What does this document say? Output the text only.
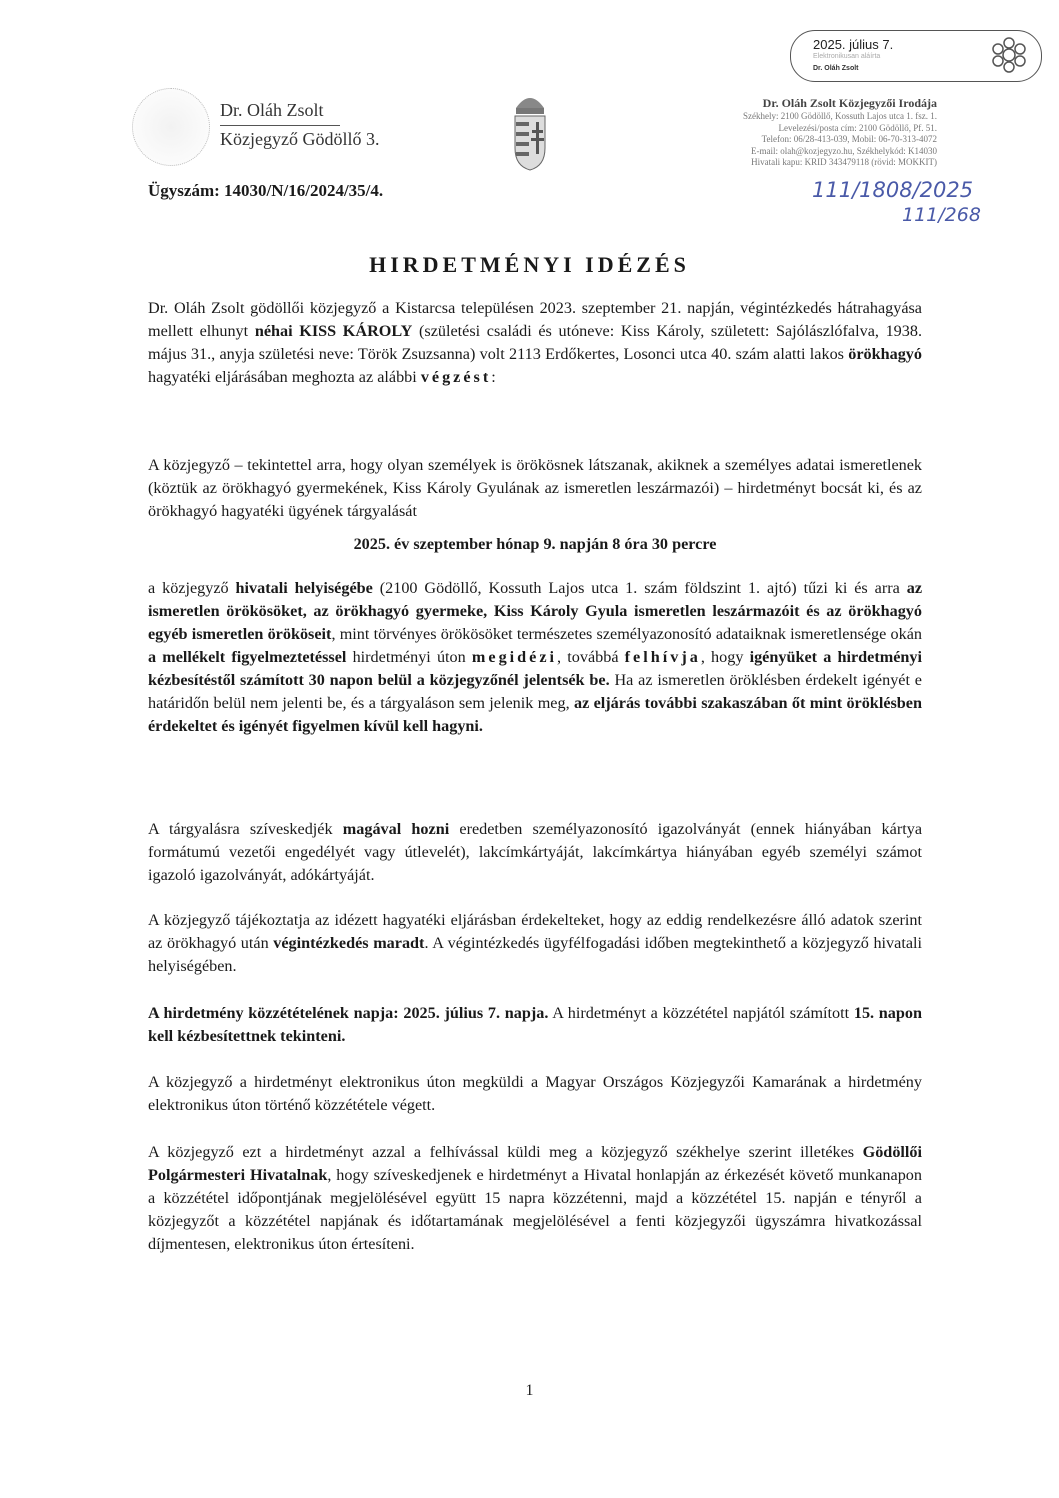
Dr. Oláh Zsolt
Közjegyző Gödöllő 3.
2025. július 7.
Elektronikusan aláírta
Dr. Oláh Zsolt
Dr. Oláh Zsolt Közjegyzői Irodája
Székhely: 2100 Gödöllő, Kossuth Lajos utca 1. fsz. 1.
Levelezési/posta cím: 2100 Gödöllő, Pf. 51.
Telefon: 06/28-413-039, Mobil: 06-70-313-4072
E-mail: olah@kozjegyzo.hu, Székhelykód: K14030
Hivatali kapu: KRID 343479118 (rövid: MOKKIT)
Ügyszám: 14030/N/16/2024/35/4.	111/1808/2025
111/268
HIRDETMÉNYI IDÉZÉS
Dr. Oláh Zsolt gödöllői közjegyző a Kistarcsa településen 2023. szeptember 21. napján, végintézkedés hátrahagyása mellett elhunyt néhai KISS KÁROLY (születési családi és utóneve: Kiss Károly, született: Sajólászlófalva, 1938. május 31., anyja születési neve: Török Zsuzsanna) volt 2113 Erdőkertes, Losonci utca 40. szám alatti lakos örökhagyó hagyatéki eljárásában meghozta az alábbi végzést:
A közjegyző – tekintettel arra, hogy olyan személyek is örökösnek látszanak, akiknek a személyes adatai ismeretlenek (köztük az örökhagyó gyermekének, Kiss Károly Gyulának az ismeretlen leszármazói) – hirdetményt bocsát ki, és az örökhagyó hagyatéki ügyének tárgyalását
2025. év szeptember hónap 9. napján 8 óra 30 percre
a közjegyző hivatali helyiségébe (2100 Gödöllő, Kossuth Lajos utca 1. szám földszint 1. ajtó) tűzi ki és arra az ismeretlen örökösöket, az örökhagyó gyermeke, Kiss Károly Gyula ismeretlen leszármazóit és az örökhagyó egyéb ismeretlen örököseit, mint törvényes örökösöket természetes személyazonosító adataiknak ismeretlensége okán a mellékelt figyelmeztetéssel hirdetményi úton megidézi, továbbá felhívja, hogy igényüket a hirdetményi kézbesítéstől számított 30 napon belül a közjegyzőnél jelentsék be. Ha az ismeretlen öröklésben érdekelt igényét e határidőn belül nem jelenti be, és a tárgyaláson sem jelenik meg, az eljárás további szakaszában őt mint öröklésben érdekeltet és igényét figyelmen kívül kell hagyni.
A tárgyalásra szíveskedjék magával hozni eredetben személyazonosító igazolványát (ennek hiányában kártya formátumú vezetői engedélyét vagy útlevelét), lakcímkártyáját, lakcímkártya hiányában egyéb személyi számot igazoló igazolványát, adókártyáját.
A közjegyző tájékoztatja az idézett hagyatéki eljárásban érdekelteket, hogy az eddig rendelkezésre álló adatok szerint az örökhagyó után végintézkedés maradt. A végintézkedés ügyfélfogadási időben megtekinthető a közjegyző hivatali helyiségében.
A hirdetmény közzétételének napja: 2025. július 7. napja. A hirdetményt a közzététel napjától számított 15. napon kell kézbesítettnek tekinteni.
A közjegyző a hirdetményt elektronikus úton megküldi a Magyar Országos Közjegyzői Kamarának a hirdetmény elektronikus úton történő közzététele végett.
A közjegyző ezt a hirdetményt azzal a felhívással küldi meg a közjegyző székhelye szerint illetékes Gödöllői Polgármesteri Hivatalnak, hogy szíveskedjenek e hirdetményt a Hivatal honlapján az érkezését követő munkanapon a közzététel időpontjának megjelölésével együtt 15 napra közzétenni, majd a közzététel 15. napján e tényről a közjegyzőt a közzététel napjának és időtartamának megjelölésével a fenti közjegyzői ügyszámra hivatkozással díjmentesen, elektronikus úton értesíteni.
1
